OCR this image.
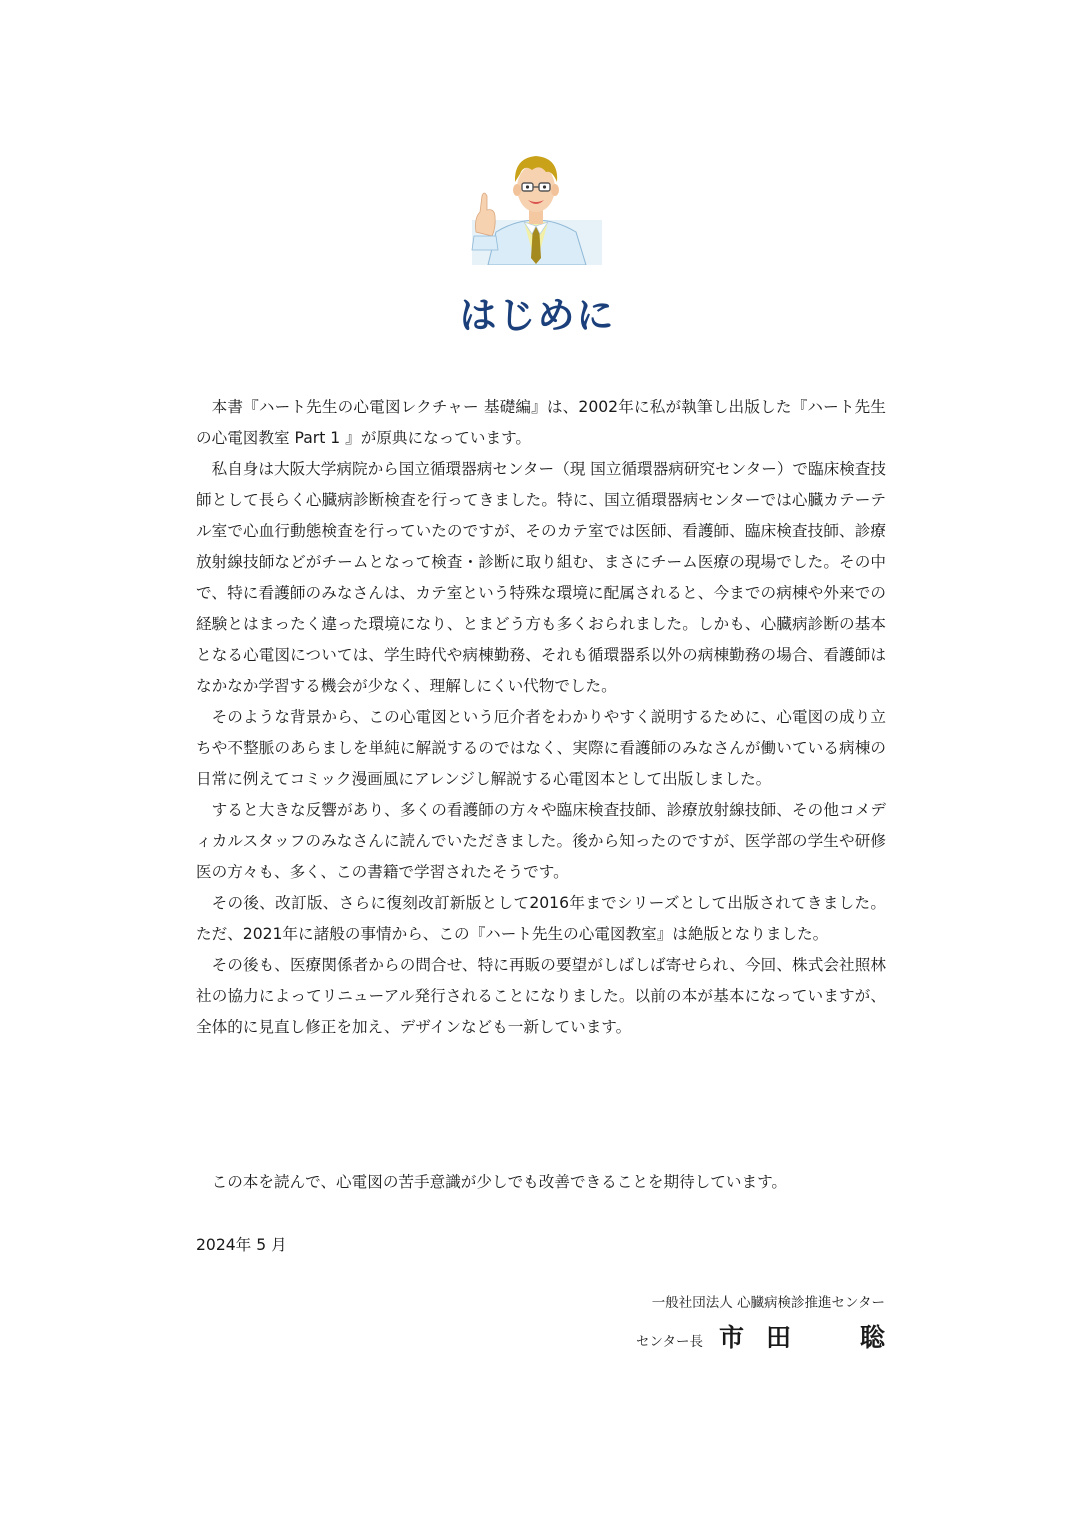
はじめに

本書『ハート先生の心電図レクチャー 基礎編』は、2002年に私が執筆し出版した『ハート先生の心電図教室 Part 1 』が原典になっています。

私自身は大阪大学病院から国立循環器病センター（現 国立循環器病研究センター）で臨床検査技師として長らく心臓病診断検査を行ってきました。特に、国立循環器病センターでは心臓カテーテル室で心血行動態検査を行っていたのですが、そのカテ室では医師、看護師、臨床検査技師、診療放射線技師などがチームとなって検査・診断に取り組む、まさにチーム医療の現場でした。その中で、特に看護師のみなさんは、カテ室という特殊な環境に配属されると、今までの病棟や外来での経験とはまったく違った環境になり、とまどう方も多くおられました。しかも、心臓病診断の基本となる心電図については、学生時代や病棟勤務、それも循環器系以外の病棟勤務の場合、看護師はなかなか学習する機会が少なく、理解しにくい代物でした。

そのような背景から、この心電図という厄介者をわかりやすく説明するために、心電図の成り立ちや不整脈のあらましを単純に解説するのではなく、実際に看護師のみなさんが働いている病棟の日常に例えてコミック漫画風にアレンジし解説する心電図本として出版しました。

すると大きな反響があり、多くの看護師の方々や臨床検査技師、診療放射線技師、その他コメディカルスタッフのみなさんに読んでいただきました。後から知ったのですが、医学部の学生や研修医の方々も、多く、この書籍で学習されたそうです。

その後、改訂版、さらに復刻改訂新版として2016年までシリーズとして出版されてきました。ただ、2021年に諸般の事情から、この『ハート先生の心電図教室』は絶版となりました。

その後も、医療関係者からの問合せ、特に再販の要望がしばしば寄せられ、今回、株式会社照林社の協力によってリニューアル発行されることになりました。以前の本が基本になっていますが、全体的に見直し修正を加え、デザインなども一新しています。

この本を読んで、心電図の苦手意識が少しでも改善できることを期待しています。

2024年 5 月

一般社団法人 心臓病検診推進センター

センター長 市田　聡
